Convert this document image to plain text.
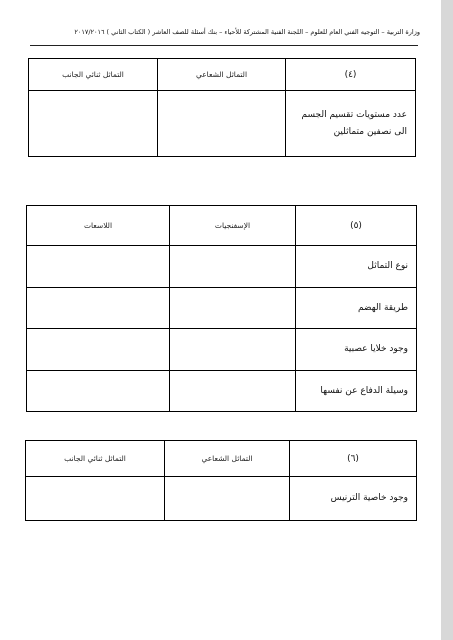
وزارة التربية – التوجيه الفني العام للعلوم – اللجنة الفنية المشتركة للأحياء – بنك أسئلة للصف العاشر ( الكتاب الثاني ) ٢٠١٧/٢٠١٦
(٤)	التماثل الشعاعي	التماثل ثنائي الجانب
عدد مستويات تقسيم الجسم الى نصفين متماثلين		
(٥)	الإسفنجيات	اللاسعات
نوع التماثل		
طريقة الهضم		
وجود خلايا عصبية		
وسيلة الدفاع عن نفسها		
(٦)	التماثل الشعاعي	التماثل ثنائي الجانب
وجود خاصية الترنيس		
